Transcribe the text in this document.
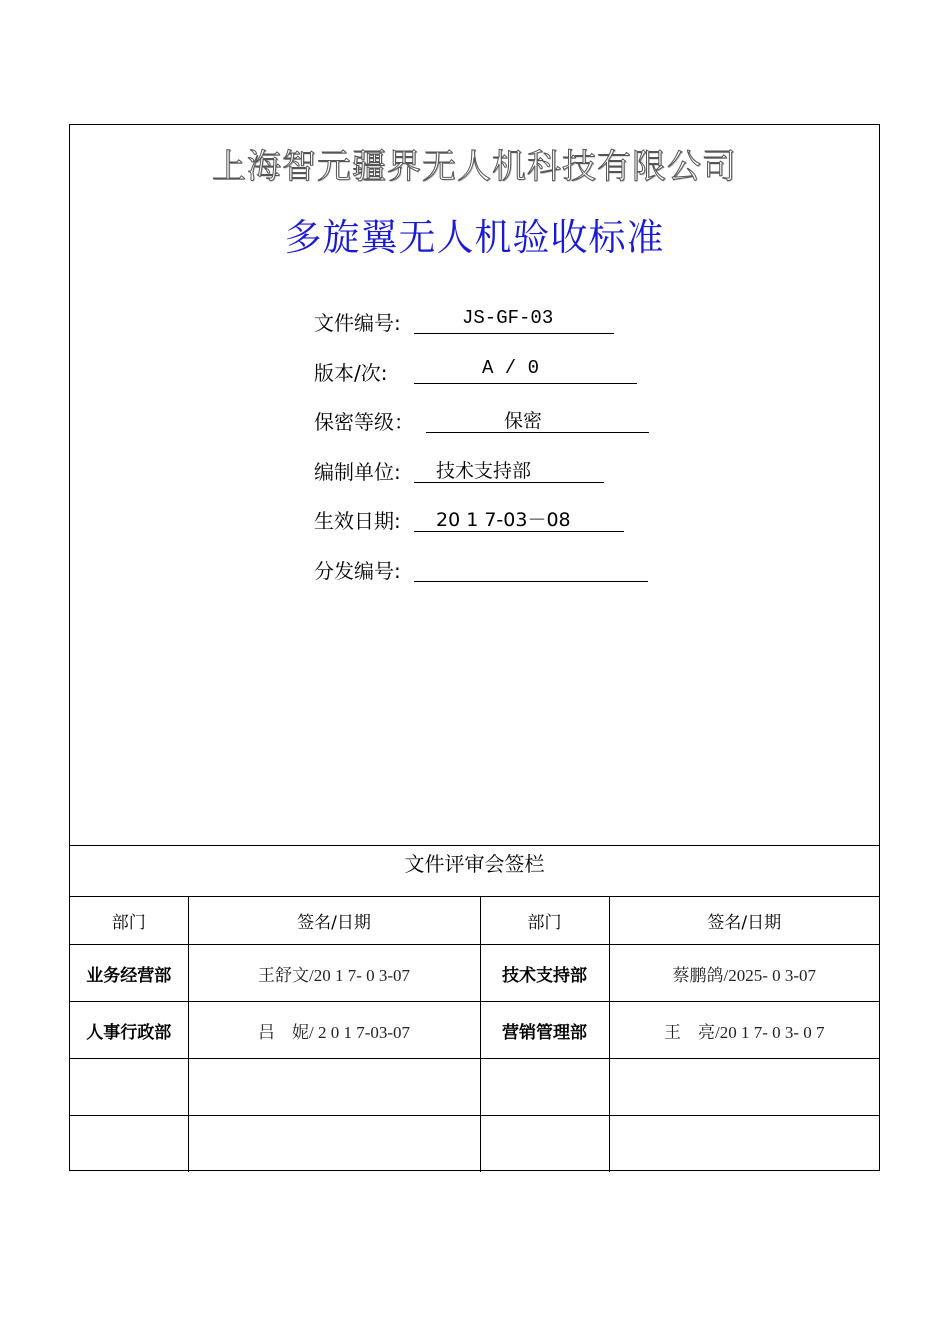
上海智元疆界无人机科技有限公司
多旋翼无人机验收标准
文件编号:	JS-GF-03
版本/次:	A / 0
保密等级：	保密
编制单位: 技术支持部
生效日期: 20 1 7-03－08
分发编号:
文件评审会签栏
部门	签名/日期	部门	签名/日期
业务经营部	王舒文/20 1 7- 0 3-07	技术支持部	蔡鹏鸽/2025- 0 3-07
人事行政部	吕　妮/ 2 0 1 7-03-07	营销管理部	王　亮/20 1 7- 0 3- 0 7
